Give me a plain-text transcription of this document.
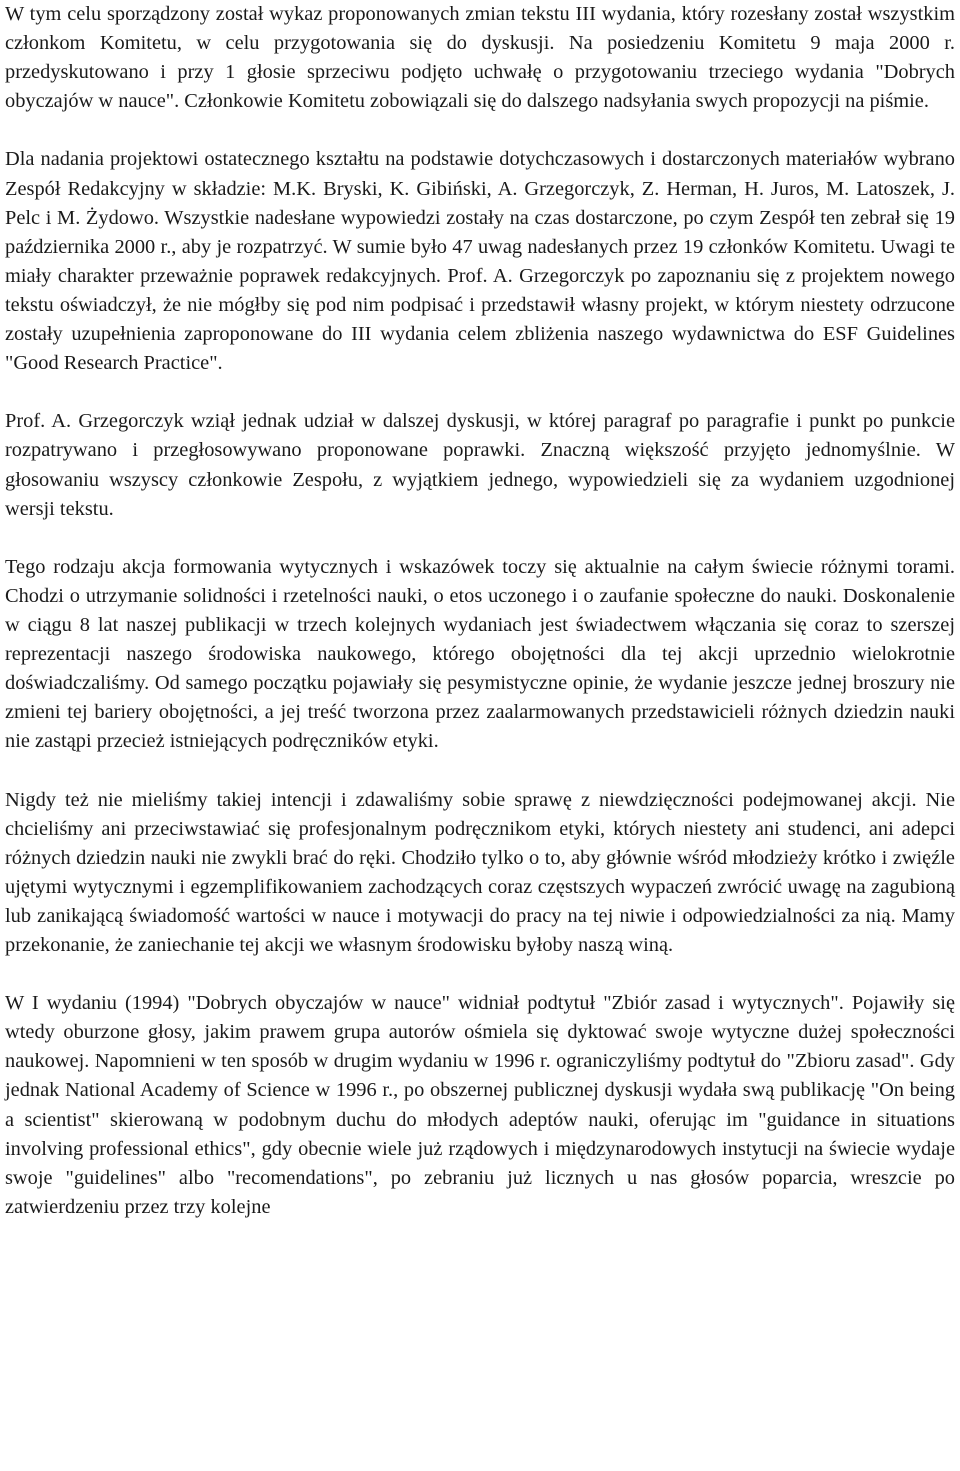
W tym celu sporządzony został wykaz proponowanych zmian tekstu III wydania, który rozesłany został wszystkim członkom Komitetu, w celu przygotowania się do dyskusji. Na posiedzeniu Komitetu 9 maja 2000 r. przedyskutowano i przy 1 głosie sprzeciwu podjęto uchwałę o przygotowaniu trzeciego wydania "Dobrych obyczajów w nauce". Członkowie Komitetu zobowiązali się do dalszego nadsyłania swych propozycji na piśmie.

Dla nadania projektowi ostatecznego kształtu na podstawie dotychczasowych i dostarczonych materiałów wybrano Zespół Redakcyjny w składzie: M.K. Bryski, K. Gibiński, A. Grzegorczyk, Z. Herman, H. Juros, M. Latoszek, J. Pelc i M. Żydowo. Wszystkie nadesłane wypowiedzi zostały na czas dostarczone, po czym Zespół ten zebrał się 19 października 2000 r., aby je rozpatrzyć. W sumie było 47 uwag nadesłanych przez 19 członków Komitetu. Uwagi te miały charakter przeważnie poprawek redakcyjnych. Prof. A. Grzegorczyk po zapoznaniu się z projektem nowego tekstu oświadczył, że nie mógłby się pod nim podpisać i przedstawił własny projekt, w którym niestety odrzucone zostały uzupełnienia zaproponowane do III wydania celem zbliżenia naszego wydawnictwa do ESF Guidelines "Good Research Practice".

Prof. A. Grzegorczyk wziął jednak udział w dalszej dyskusji, w której paragraf po paragrafie i punkt po punkcie rozpatrywano i przegłosowywano proponowane poprawki. Znaczną większość przyjęto jednomyślnie. W głosowaniu wszyscy członkowie Zespołu, z wyjątkiem jednego, wypowiedzieli się za wydaniem uzgodnionej wersji tekstu.

Tego rodzaju akcja formowania wytycznych i wskazówek toczy się aktualnie na całym świecie różnymi torami. Chodzi o utrzymanie solidności i rzetelności nauki, o etos uczonego i o zaufanie społeczne do nauki. Doskonalenie w ciągu 8 lat naszej publikacji w trzech kolejnych wydaniach jest świadectwem włączania się coraz to szerszej reprezentacji naszego środowiska naukowego, którego obojętności dla tej akcji uprzednio wielokrotnie doświadczaliśmy. Od samego początku pojawiały się pesymistyczne opinie, że wydanie jeszcze jednej broszury nie zmieni tej bariery obojętności, a jej treść tworzona przez zaalarmowanych przedstawicieli różnych dziedzin nauki nie zastąpi przecież istniejących podręczników etyki.

Nigdy też nie mieliśmy takiej intencji i zdawaliśmy sobie sprawę z niewdzięczności podejmowanej akcji. Nie chcieliśmy ani przeciwstawiać się profesjonalnym podręcznikom etyki, których niestety ani studenci, ani adepci różnych dziedzin nauki nie zwykli brać do ręki. Chodziło tylko o to, aby głównie wśród młodzieży krótko i zwięźle ujętymi wytycznymi i egzemplifikowaniem zachodzących coraz częstszych wypaczeń zwrócić uwagę na zagubioną lub zanikającą świadomość wartości w nauce i motywacji do pracy na tej niwie i odpowiedzialności za nią. Mamy przekonanie, że zaniechanie tej akcji we własnym środowisku byłoby naszą winą.

W I wydaniu (1994) "Dobrych obyczajów w nauce" widniał podtytuł "Zbiór zasad i wytycznych". Pojawiły się wtedy oburzone głosy, jakim prawem grupa autorów ośmiela się dyktować swoje wytyczne dużej społeczności naukowej. Napomnieni w ten sposób w drugim wydaniu w 1996 r. ograniczyliśmy podtytuł do "Zbioru zasad". Gdy jednak National Academy of Science w 1996 r., po obszernej publicznej dyskusji wydała swą publikację "On being a scientist" skierowaną w podobnym duchu do młodych adeptów nauki, oferując im "guidance in situations involving professional ethics", gdy obecnie wiele już rządowych i międzynarodowych instytucji na świecie wydaje swoje "guidelines" albo "recomendations", po zebraniu już licznych u nas głosów poparcia, wreszcie po zatwierdzeniu przez trzy kolejne
